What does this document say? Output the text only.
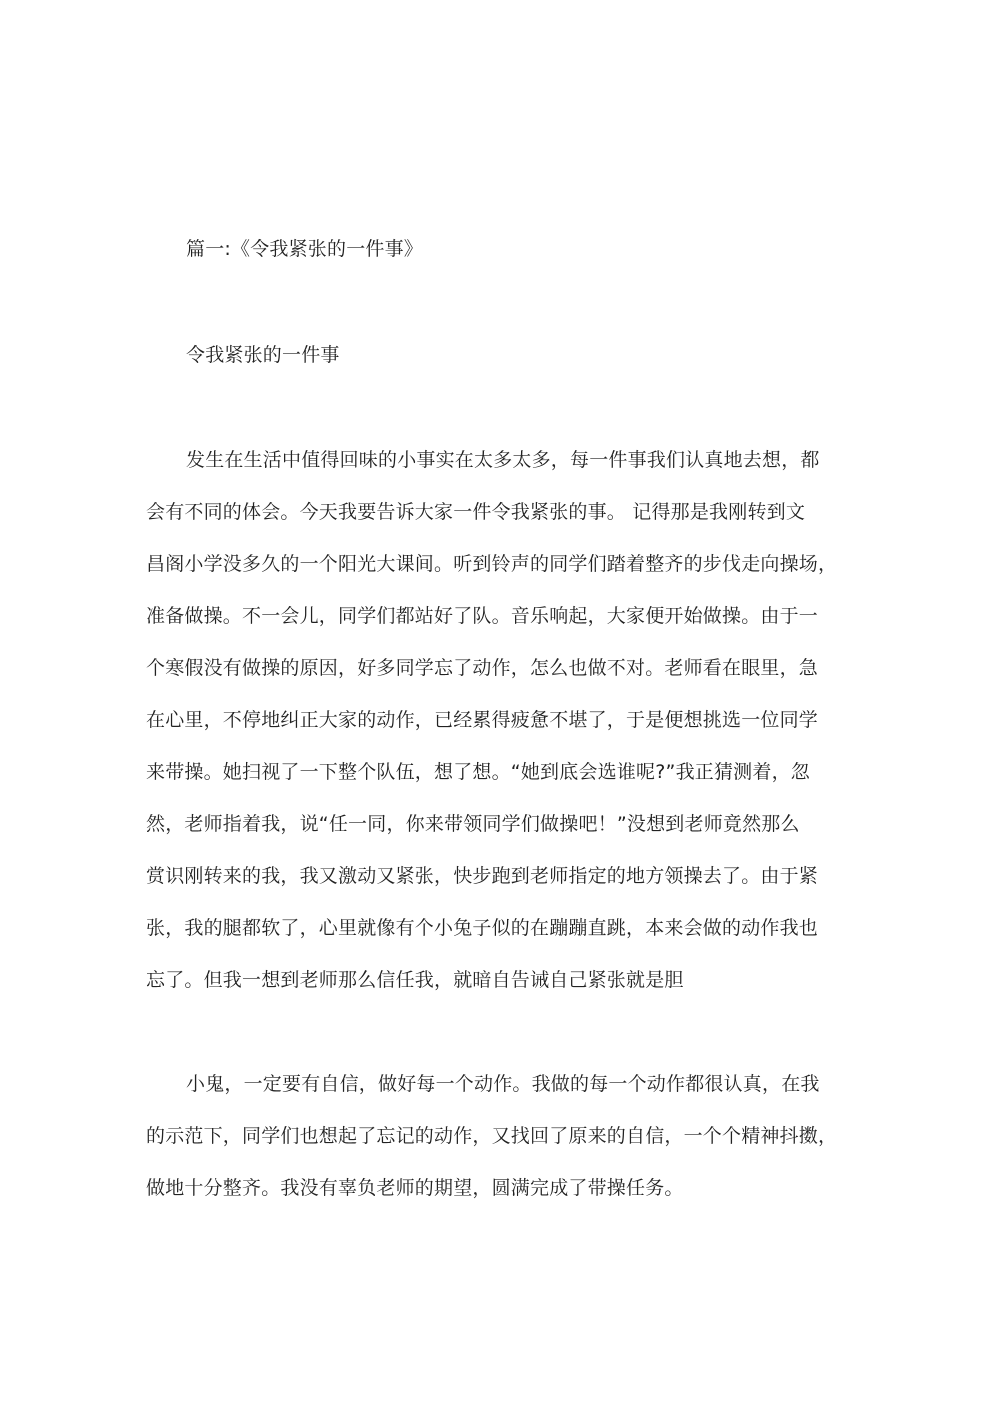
篇一:《令我紧张的一件事》
令我紧张的一件事
发生在生活中值得回味的小事实在太多太多，每一件事我们认真地去想，都
会有不同的体会。今天我要告诉大家一件令我紧张的事。 记得那是我刚转到文
昌阁小学没多久的一个阳光大课间。听到铃声的同学们踏着整齐的步伐走向操场，
准备做操。不一会儿，同学们都站好了队。音乐响起，大家便开始做操。由于一
个寒假没有做操的原因，好多同学忘了动作，怎么也做不对。老师看在眼里，急
在心里，不停地纠正大家的动作，已经累得疲惫不堪了，于是便想挑选一位同学
来带操。她扫视了一下整个队伍，想了想。“她到底会选谁呢?”我正猜测着，忽
然，老师指着我，说“任一同，你来带领同学们做操吧！”没想到老师竟然那么
赏识刚转来的我，我又激动又紧张，快步跑到老师指定的地方领操去了。由于紧
张，我的腿都软了，心里就像有个小兔子似的在蹦蹦直跳，本来会做的动作我也
忘了。但我一想到老师那么信任我，就暗自告诫自己紧张就是胆
小鬼，一定要有自信，做好每一个动作。我做的每一个动作都很认真，在我
的示范下，同学们也想起了忘记的动作，又找回了原来的自信，一个个精神抖擞，
做地十分整齐。我没有辜负老师的期望，圆满完成了带操任务。
